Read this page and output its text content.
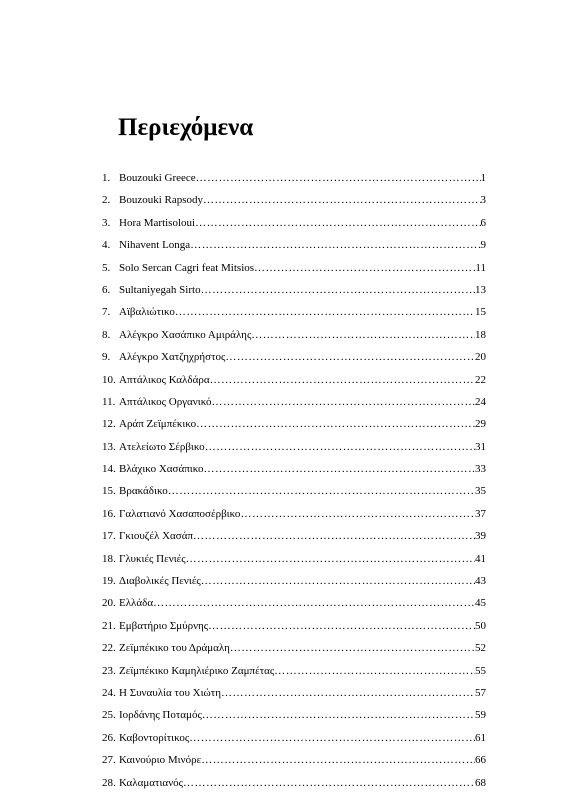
Περιεχόμενα
1. Bouzouki Greece ……………………………………………………………………………………………………………………………………………………………………………………	1
2. Bouzouki Rapsody ……………………………………………………………………………………………………………………………………………………………………………………	3
3. Hora Martisoloui ……………………………………………………………………………………………………………………………………………………………………………………	6
4. Nihavent Longa ……………………………………………………………………………………………………………………………………………………………………………………	9
5. Solo Sercan Cagri feat Mitsios ……………………………………………………………………………………………………………………………………………………………………………………	11
6. Sultaniyegah Sirto ……………………………………………………………………………………………………………………………………………………………………………………	13
7. Αϊβαλιώτικο ……………………………………………………………………………………………………………………………………………………………………………………	15
8. Αλέγκρο Χασάπικο Αμιράλης ……………………………………………………………………………………………………………………………………………………………………………………	18
9. Αλέγκρο Χατζηχρήστος ……………………………………………………………………………………………………………………………………………………………………………………	20
10. Απτάλικος Καλδάρα ……………………………………………………………………………………………………………………………………………………………………………………	22
11. Απτάλικος Οργανικό ……………………………………………………………………………………………………………………………………………………………………………………	24
12. Αράπ Ζεϊμπέκικο ……………………………………………………………………………………………………………………………………………………………………………………	29
13. Ατελείωτο Σέρβικο ……………………………………………………………………………………………………………………………………………………………………………………	31
14. Βλάχικο Χασάπικο ……………………………………………………………………………………………………………………………………………………………………………………	33
15. Βρακάδικο ……………………………………………………………………………………………………………………………………………………………………………………	35
16. Γαλατιανό Χασαποσέρβικο ……………………………………………………………………………………………………………………………………………………………………………………	37
17. Γκιουζέλ Χασάπ ……………………………………………………………………………………………………………………………………………………………………………………	39
18. Γλυκιές Πενιές ……………………………………………………………………………………………………………………………………………………………………………………	41
19. Διαβολικές Πενιές ……………………………………………………………………………………………………………………………………………………………………………………	43
20. Ελλάδα ……………………………………………………………………………………………………………………………………………………………………………………	45
21. Εμβατήριο Σμύρνης ……………………………………………………………………………………………………………………………………………………………………………………	50
22. Ζεϊμπέκικο του Δράμαλη ……………………………………………………………………………………………………………………………………………………………………………………	52
23. Ζεϊμπέκικο Καμηλιέρικο Ζαμπέτας ……………………………………………………………………………………………………………………………………………………………………………………	55
24. Η Συναυλία του Χιώτη ……………………………………………………………………………………………………………………………………………………………………………………	57
25. Ιορδάνης Ποταμός ……………………………………………………………………………………………………………………………………………………………………………………	59
26. Καβοντορίτικος ……………………………………………………………………………………………………………………………………………………………………………………	61
27. Καινούριο Μινόρε ……………………………………………………………………………………………………………………………………………………………………………………	66
28. Καλαματιανός ……………………………………………………………………………………………………………………………………………………………………………………	68
